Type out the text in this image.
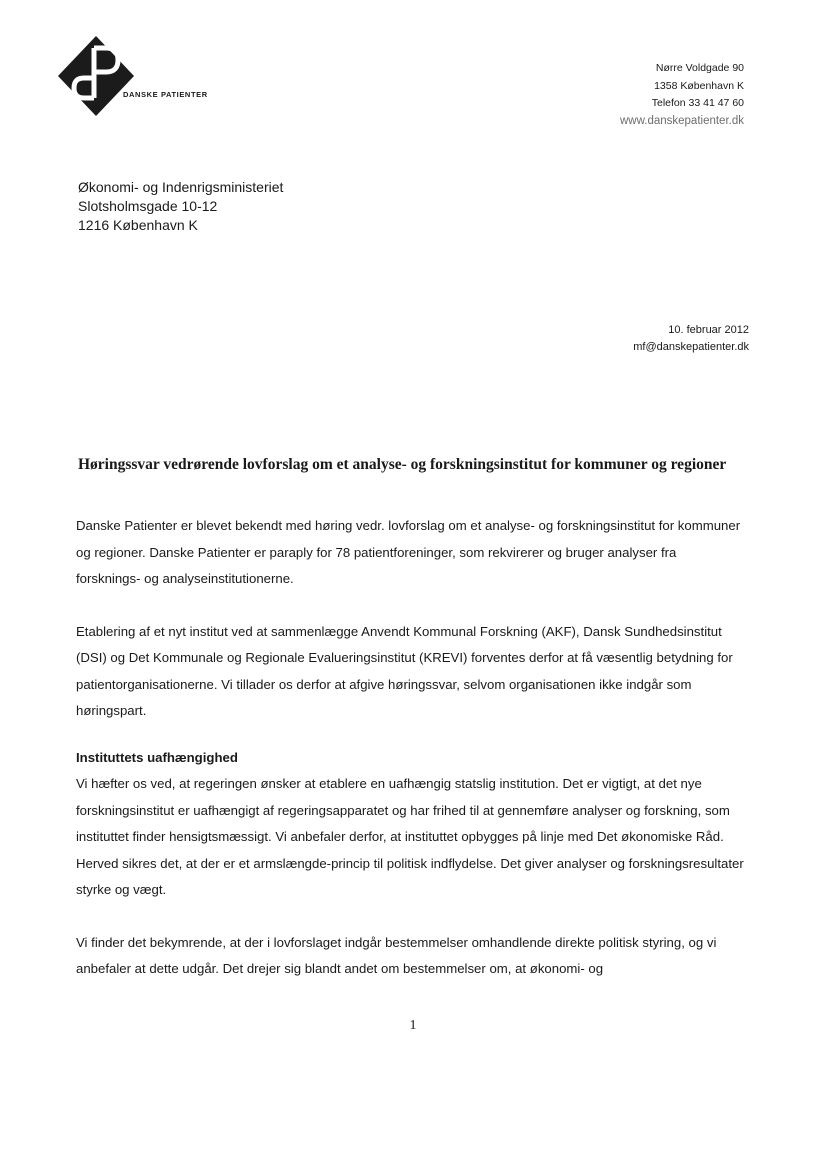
DANSKE PATIENTER
Nørre Voldgade 90
1358 København K
Telefon 33 41 47 60
www.danskepatienter.dk
Økonomi- og Indenrigsministeriet
Slotsholmsgade 10-12
1216 København K
10. februar 2012
mf@danskepatienter.dk
Høringssvar vedrørende lovforslag om et analyse- og forskningsinstitut for kommuner og regioner

Danske Patienter er blevet bekendt med høring vedr. lovforslag om et analyse- og forskningsinstitut for kommuner og regioner. Danske Patienter er paraply for 78 patientforeninger, som rekvirerer og bruger analyser fra forsknings- og analyseinstitutionerne.

Etablering af et nyt institut ved at sammenlægge Anvendt Kommunal Forskning (AKF), Dansk Sundhedsinstitut (DSI) og Det Kommunale og Regionale Evalueringsinstitut (KREVI) forventes derfor at få væsentlig betydning for patientorganisationerne. Vi tillader os derfor at afgive høringssvar, selvom organisationen ikke indgår som høringspart.

Instituttets uafhængighed

Vi hæfter os ved, at regeringen ønsker at etablere en uafhængig statslig institution. Det er vigtigt, at det nye forskningsinstitut er uafhængigt af regeringsapparatet og har frihed til at gennemføre analyser og forskning, som instituttet finder hensigtsmæssigt. Vi anbefaler derfor, at instituttet opbygges på linje med Det økonomiske Råd. Herved sikres det, at der er et armslængde-princip til politisk indflydelse. Det giver analyser og forskningsresultater styrke og vægt.

Vi finder det bekymrende, at der i lovforslaget indgår bestemmelser omhandlende direkte politisk styring, og vi anbefaler at dette udgår. Det drejer sig blandt andet om bestemmelser om, at økonomi- og

1
